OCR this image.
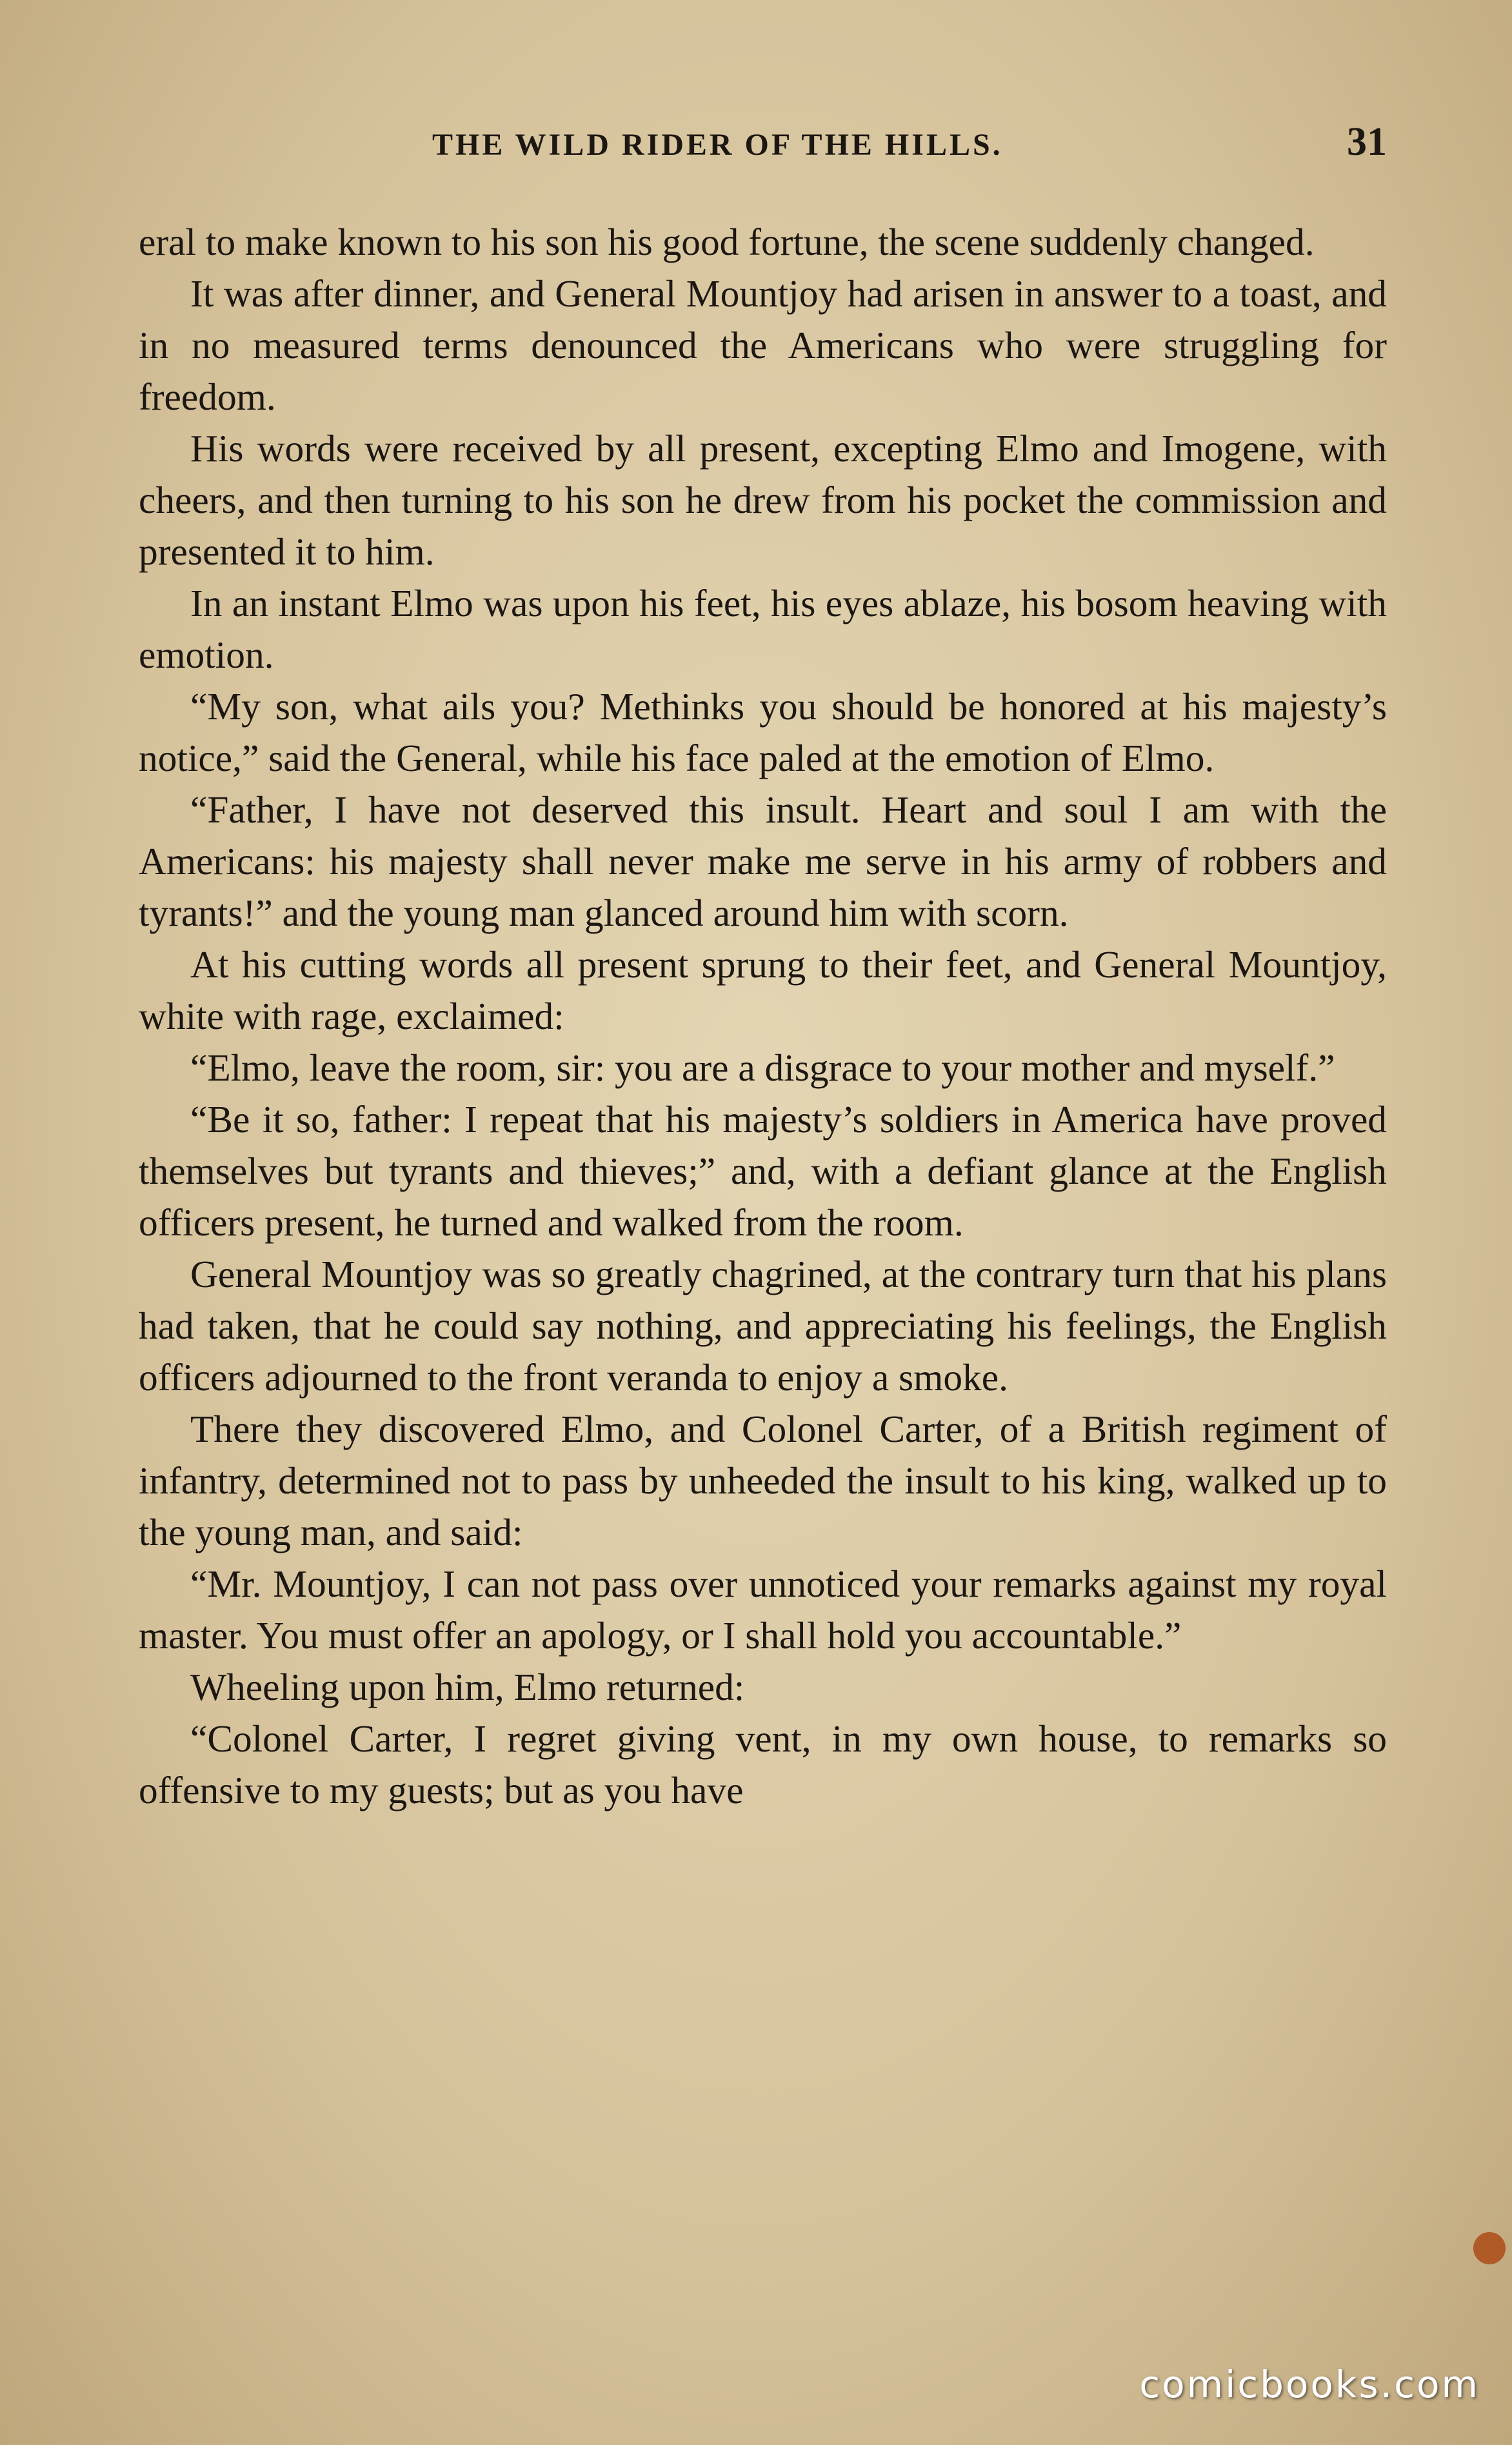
THE WILD RIDER OF THE HILLS.	31

eral to make known to his son his good fortune, the scene suddenly changed.

It was after dinner, and General Mountjoy had arisen in answer to a toast, and in no measured terms denounced the Americans who were struggling for freedom.

His words were received by all present, excepting Elmo and Imogene, with cheers, and then turning to his son he drew from his pocket the commission and presented it to him.

In an instant Elmo was upon his feet, his eyes ablaze, his bosom heaving with emotion.

“My son, what ails you? Methinks you should be honored at his majesty’s notice,” said the General, while his face paled at the emotion of Elmo.

“Father, I have not deserved this insult. Heart and soul I am with the Americans: his majesty shall never make me serve in his army of robbers and tyrants!” and the young man glanced around him with scorn.

At his cutting words all present sprung to their feet, and General Mountjoy, white with rage, exclaimed:

“Elmo, leave the room, sir: you are a disgrace to your mother and myself.”

“Be it so, father: I repeat that his majesty’s soldiers in America have proved themselves but tyrants and thieves;” and, with a defiant glance at the English officers present, he turned and walked from the room.

General Mountjoy was so greatly chagrined, at the contrary turn that his plans had taken, that he could say nothing, and appreciating his feelings, the English officers adjourned to the front veranda to enjoy a smoke.

There they discovered Elmo, and Colonel Carter, of a British regiment of infantry, determined not to pass by unheeded the insult to his king, walked up to the young man, and said:

“Mr. Mountjoy, I can not pass over unnoticed your remarks against my royal master. You must offer an apology, or I shall hold you accountable.”

Wheeling upon him, Elmo returned:

“Colonel Carter, I regret giving vent, in my own house, to remarks so offensive to my guests; but as you have

comicbooks.com
